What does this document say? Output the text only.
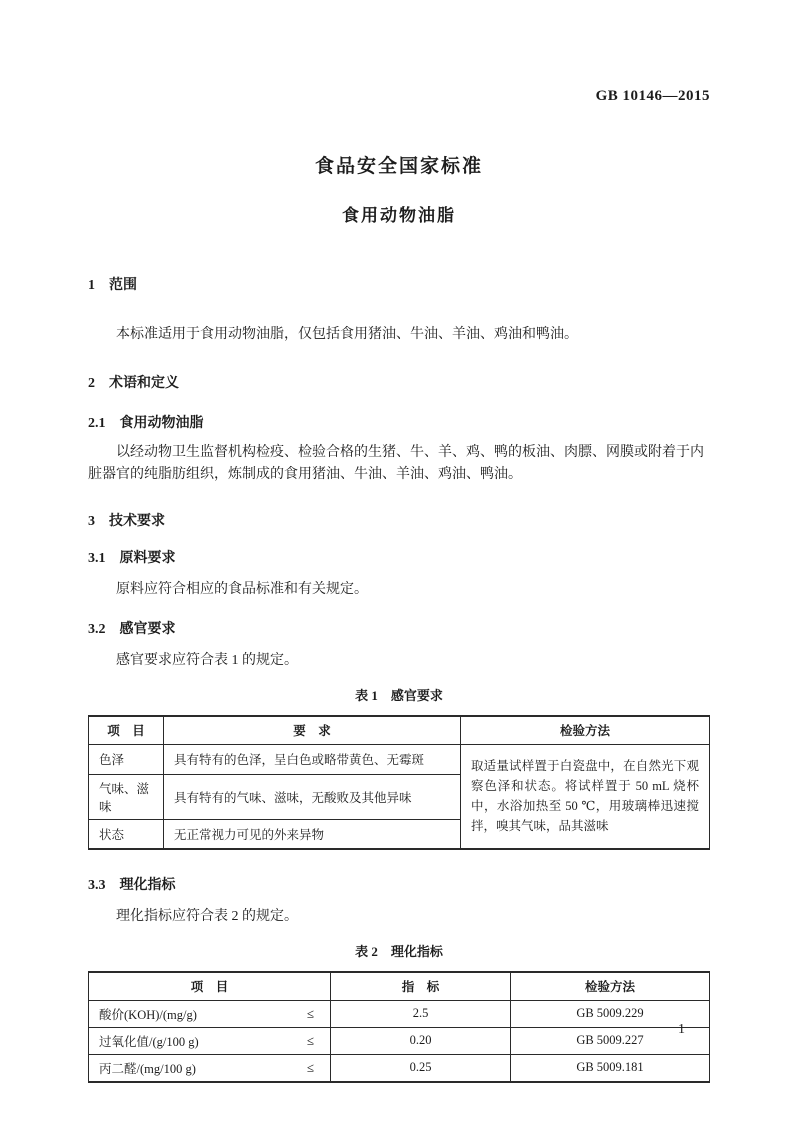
GB 10146—2015
食品安全国家标准
食用动物油脂
1　范围

本标准适用于食用动物油脂，仅包括食用猪油、牛油、羊油、鸡油和鸭油。

2　术语和定义
2.1　食用动物油脂

以经动物卫生监督机构检疫、检验合格的生猪、牛、羊、鸡、鸭的板油、肉膘、网膜或附着于内脏器官的纯脂肪组织，炼制成的食用猪油、牛油、羊油、鸡油、鸭油。

3　技术要求
3.1　原料要求

原料应符合相应的食品标准和有关规定。

3.2　感官要求

感官要求应符合表 1 的规定。

表 1　感官要求
项　目	要　求	检验方法
色泽	具有特有的色泽，呈白色或略带黄色、无霉斑	取适量试样置于白瓷盘中，在自然光下观察色泽和状态。将试样置于 50 mL 烧杯中，水浴加热至 50 ℃，用玻璃棒迅速搅拌，嗅其气味，品其滋味
气味、滋味	具有特有的气味、滋味，无酸败及其他异味	
状态	无正常视力可见的外来异物	
3.3　理化指标

理化指标应符合表 2 的规定。

表 2　理化指标
项　目	指　标	检验方法

酸价(KOH)/(mg/g) ≤	2.5	GB 5009.229

过氧化值/(g/100 g) ≤	0.20	GB 5009.227

丙二醛/(mg/100 g) ≤	0.25	GB 5009.181
1
